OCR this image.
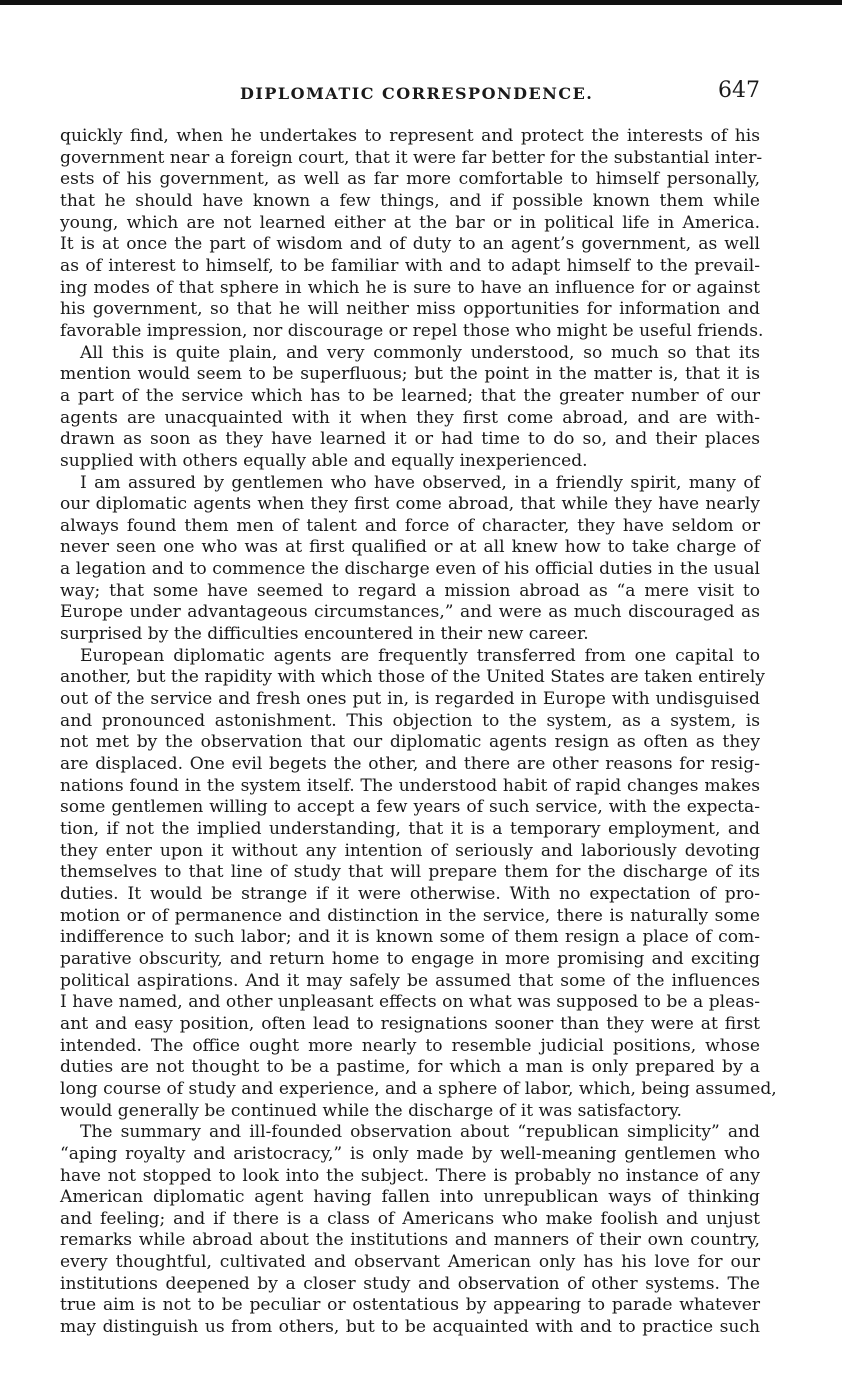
DIPLOMATIC CORRESPONDENCE.	647

quickly find, when he undertakes to represent and protect the interests of his
government near a foreign court, that it were far better for the substantial inter-
ests of his government, as well as far more comfortable to himself personally,
that he should have known a few things, and if possible known them while
young, which are not learned either at the bar or in political life in America.
It is at once the part of wisdom and of duty to an agent’s government, as well
as of interest to himself, to be familiar with and to adapt himself to the prevail-
ing modes of that sphere in which he is sure to have an influence for or against
his government, so that he will neither miss opportunities for information and
favorable impression, nor discourage or repel those who might be useful friends.

All this is quite plain, and very commonly understood, so much so that its
mention would seem to be superfluous; but the point in the matter is, that it is
a part of the service which has to be learned; that the greater number of our
agents are unacquainted with it when they first come abroad, and are with-
drawn as soon as they have learned it or had time to do so, and their places
supplied with others equally able and equally inexperienced.

I am assured by gentlemen who have observed, in a friendly spirit, many of
our diplomatic agents when they first come abroad, that while they have nearly
always found them men of talent and force of character, they have seldom or
never seen one who was at first qualified or at all knew how to take charge of
a legation and to commence the discharge even of his official duties in the usual
way; that some have seemed to regard a mission abroad as “a mere visit to
Europe under advantageous circumstances,” and were as much discouraged as
surprised by the difficulties encountered in their new career.

European diplomatic agents are frequently transferred from one capital to
another, but the rapidity with which those of the United States are taken entirely
out of the service and fresh ones put in, is regarded in Europe with undisguised
and pronounced astonishment. This objection to the system, as a system, is
not met by the observation that our diplomatic agents resign as often as they
are displaced. One evil begets the other, and there are other reasons for resig-
nations found in the system itself. The understood habit of rapid changes makes
some gentlemen willing to accept a few years of such service, with the expecta-
tion, if not the implied understanding, that it is a temporary employment, and
they enter upon it without any intention of seriously and laboriously devoting
themselves to that line of study that will prepare them for the discharge of its
duties. It would be strange if it were otherwise. With no expectation of pro-
motion or of permanence and distinction in the service, there is naturally some
indifference to such labor; and it is known some of them resign a place of com-
parative obscurity, and return home to engage in more promising and exciting
political aspirations. And it may safely be assumed that some of the influences
I have named, and other unpleasant effects on what was supposed to be a pleas-
ant and easy position, often lead to resignations sooner than they were at first
intended. The office ought more nearly to resemble judicial positions, whose
duties are not thought to be a pastime, for which a man is only prepared by a
long course of study and experience, and a sphere of labor, which, being assumed,
would generally be continued while the discharge of it was satisfactory.

The summary and ill-founded observation about “republican simplicity” and
“aping royalty and aristocracy,” is only made by well-meaning gentlemen who
have not stopped to look into the subject. There is probably no instance of any
American diplomatic agent having fallen into unrepublican ways of thinking
and feeling; and if there is a class of Americans who make foolish and unjust
remarks while abroad about the institutions and manners of their own country,
every thoughtful, cultivated and observant American only has his love for our
institutions deepened by a closer study and observation of other systems. The
true aim is not to be peculiar or ostentatious by appearing to parade whatever
may distinguish us from others, but to be acquainted with and to practice such
